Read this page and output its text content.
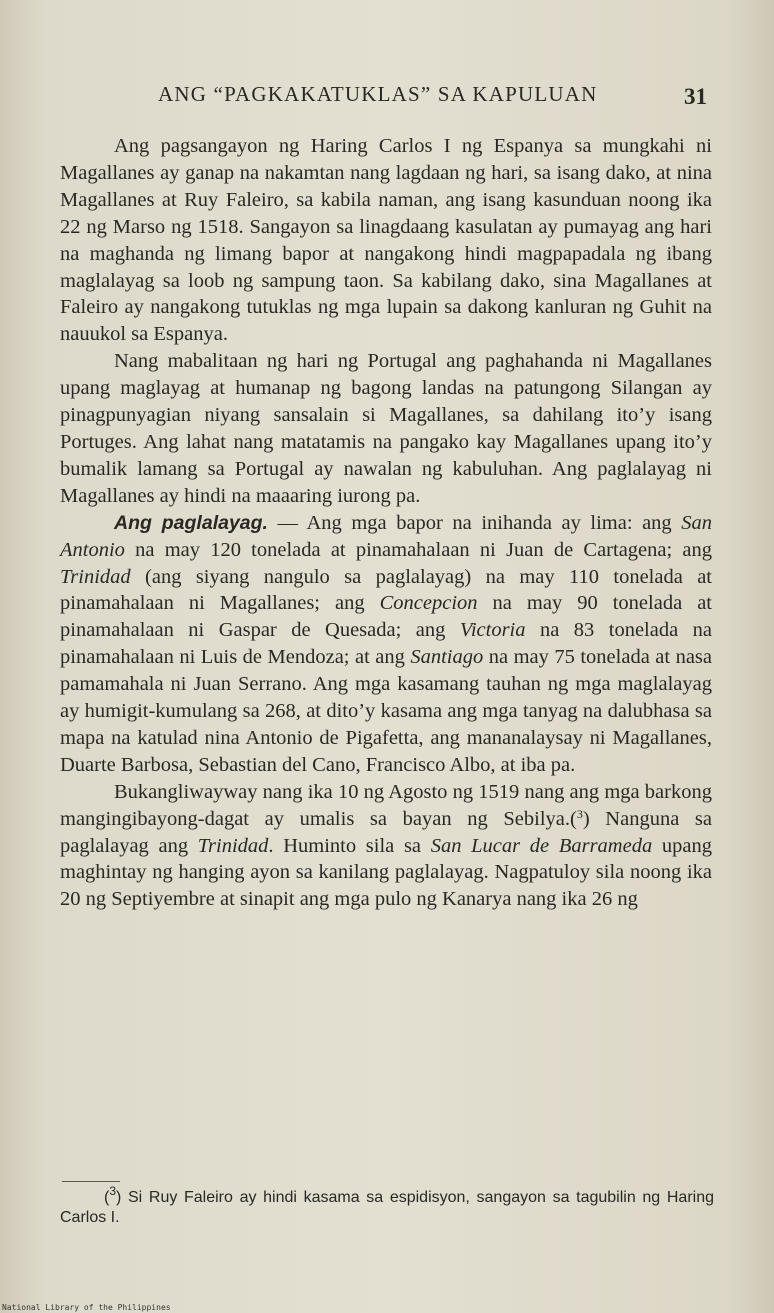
ANG “PAGKAKATUKLAS” SA KAPULUAN	31

Ang pagsangayon ng Haring Carlos I ng Espanya sa mungkahi ni Magallanes ay ganap na nakamtan nang lagdaan ng hari, sa isang dako, at nina Magallanes at Ruy Faleiro, sa kabila naman, ang isang kasunduan noong ika 22 ng Marso ng 1518. Sangayon sa linagdaang kasulatan ay pumayag ang hari na maghanda ng limang bapor at nangakong hindi magpapadala ng ibang maglalayag sa loob ng sampung taon. Sa kabilang dako, sina Magallanes at Faleiro ay nangakong tutuklas ng mga lupain sa dakong kanluran ng Guhit na nauukol sa Espanya.

Nang mabalitaan ng hari ng Portugal ang paghahanda ni Magallanes upang maglayag at humanap ng bagong landas na patungong Silangan ay pinagpunyagian niyang sansalain si Magallanes, sa dahilang ito’y isang Portuges. Ang lahat nang matatamis na pangako kay Magallanes upang ito’y bumalik lamang sa Portugal ay nawalan ng kabuluhan. Ang paglalayag ni Magallanes ay hindi na maaaring iurong pa.

Ang paglalayag. — Ang mga bapor na inihanda ay lima: ang San Antonio na may 120 tonelada at pinamahalaan ni Juan de Cartagena; ang Trinidad (ang siyang nangulo sa paglalayag) na may 110 tonelada at pinamahalaan ni Magallanes; ang Concepcion na may 90 tonelada at pinamahalaan ni Gaspar de Quesada; ang Victoria na 83 tonelada na pinamahalaan ni Luis de Mendoza; at ang Santiago na may 75 tonelada at nasa pamamahala ni Juan Serrano. Ang mga kasamang tauhan ng mga maglalayag ay humigit-kumulang sa 268, at dito’y kasama ang mga tanyag na dalubhasa sa mapa na katulad nina Antonio de Pigafetta, ang mananalaysay ni Magallanes, Duarte Barbosa, Sebastian del Cano, Francisco Albo, at iba pa.

Bukangliwayway nang ika 10 ng Agosto ng 1519 nang ang mga barkong mangingibayong-dagat ay umalis sa bayan ng Sebilya.($^3$) Nanguna sa paglalayag ang Trinidad. Huminto sila sa San Lucar de Barrameda upang maghintay ng hanging ayon sa kanilang paglalayag. Nagpatuloy sila noong ika 20 ng Septiyembre at sinapit ang mga pulo ng Kanarya nang ika 26 ng

($^3$) Si Ruy Faleiro ay hindi kasama sa espidisyon, sangayon sa tagubilin ng Haring Carlos I.

National Library of the Philippines
